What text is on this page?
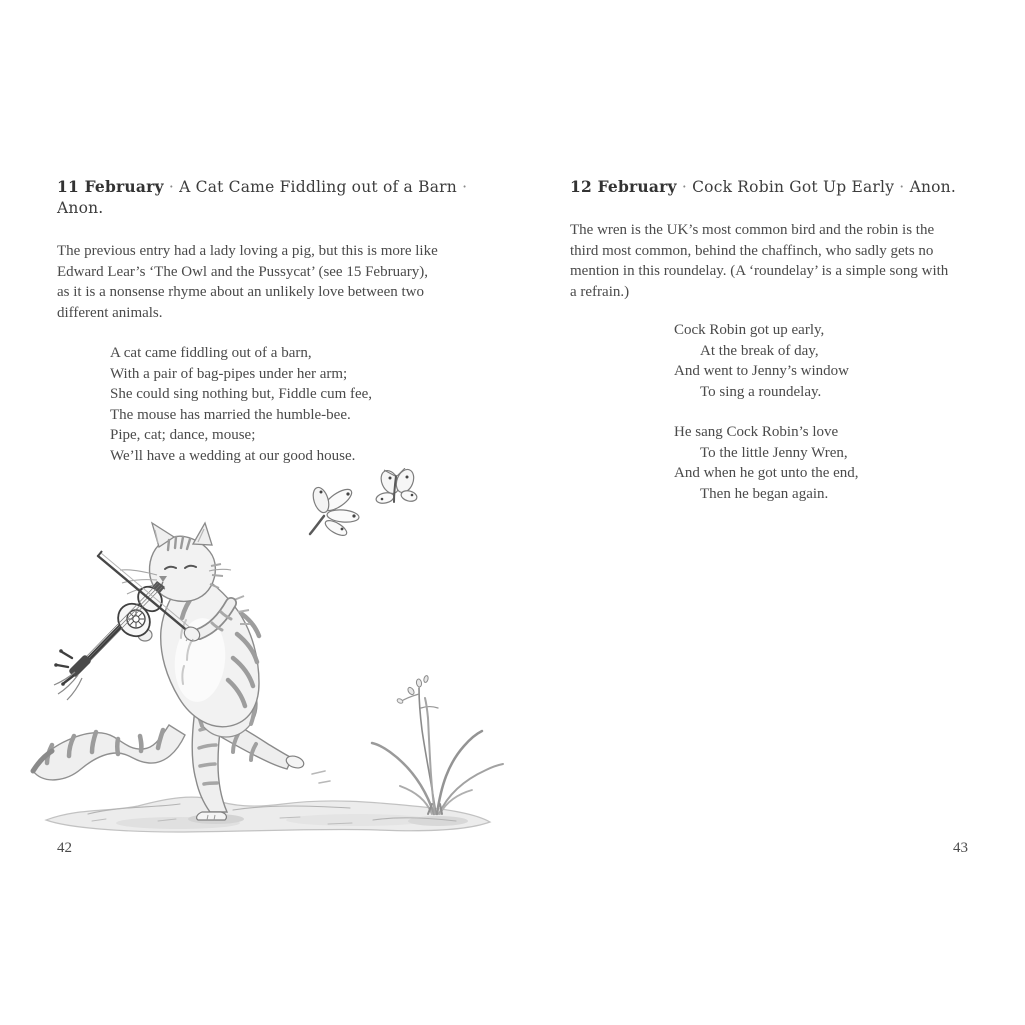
11 February · A Cat Came Fiddling out of a Barn · Anon.
The previous entry had a lady loving a pig, but this is more like
Edward Lear’s ‘The Owl and the Pussycat’ (see 15 February),
as it is a nonsense rhyme about an unlikely love between two
different animals.
A cat came fiddling out of a barn,
With a pair of bag-pipes under her arm;
She could sing nothing but, Fiddle cum fee,
The mouse has married the humble-bee.
Pipe, cat; dance, mouse;
We’ll have a wedding at our good house.
12 February · Cock Robin Got Up Early · Anon.
The wren is the UK’s most common bird and the robin is the
third most common, behind the chaffinch, who sadly gets no
mention in this roundelay. (A ‘roundelay’ is a simple song with
a refrain.)
Cock Robin got up early,
At the break of day,
And went to Jenny’s window
To sing a roundelay.
He sang Cock Robin’s love
To the little Jenny Wren,
And when he got unto the end,
Then he began again.
42	43
